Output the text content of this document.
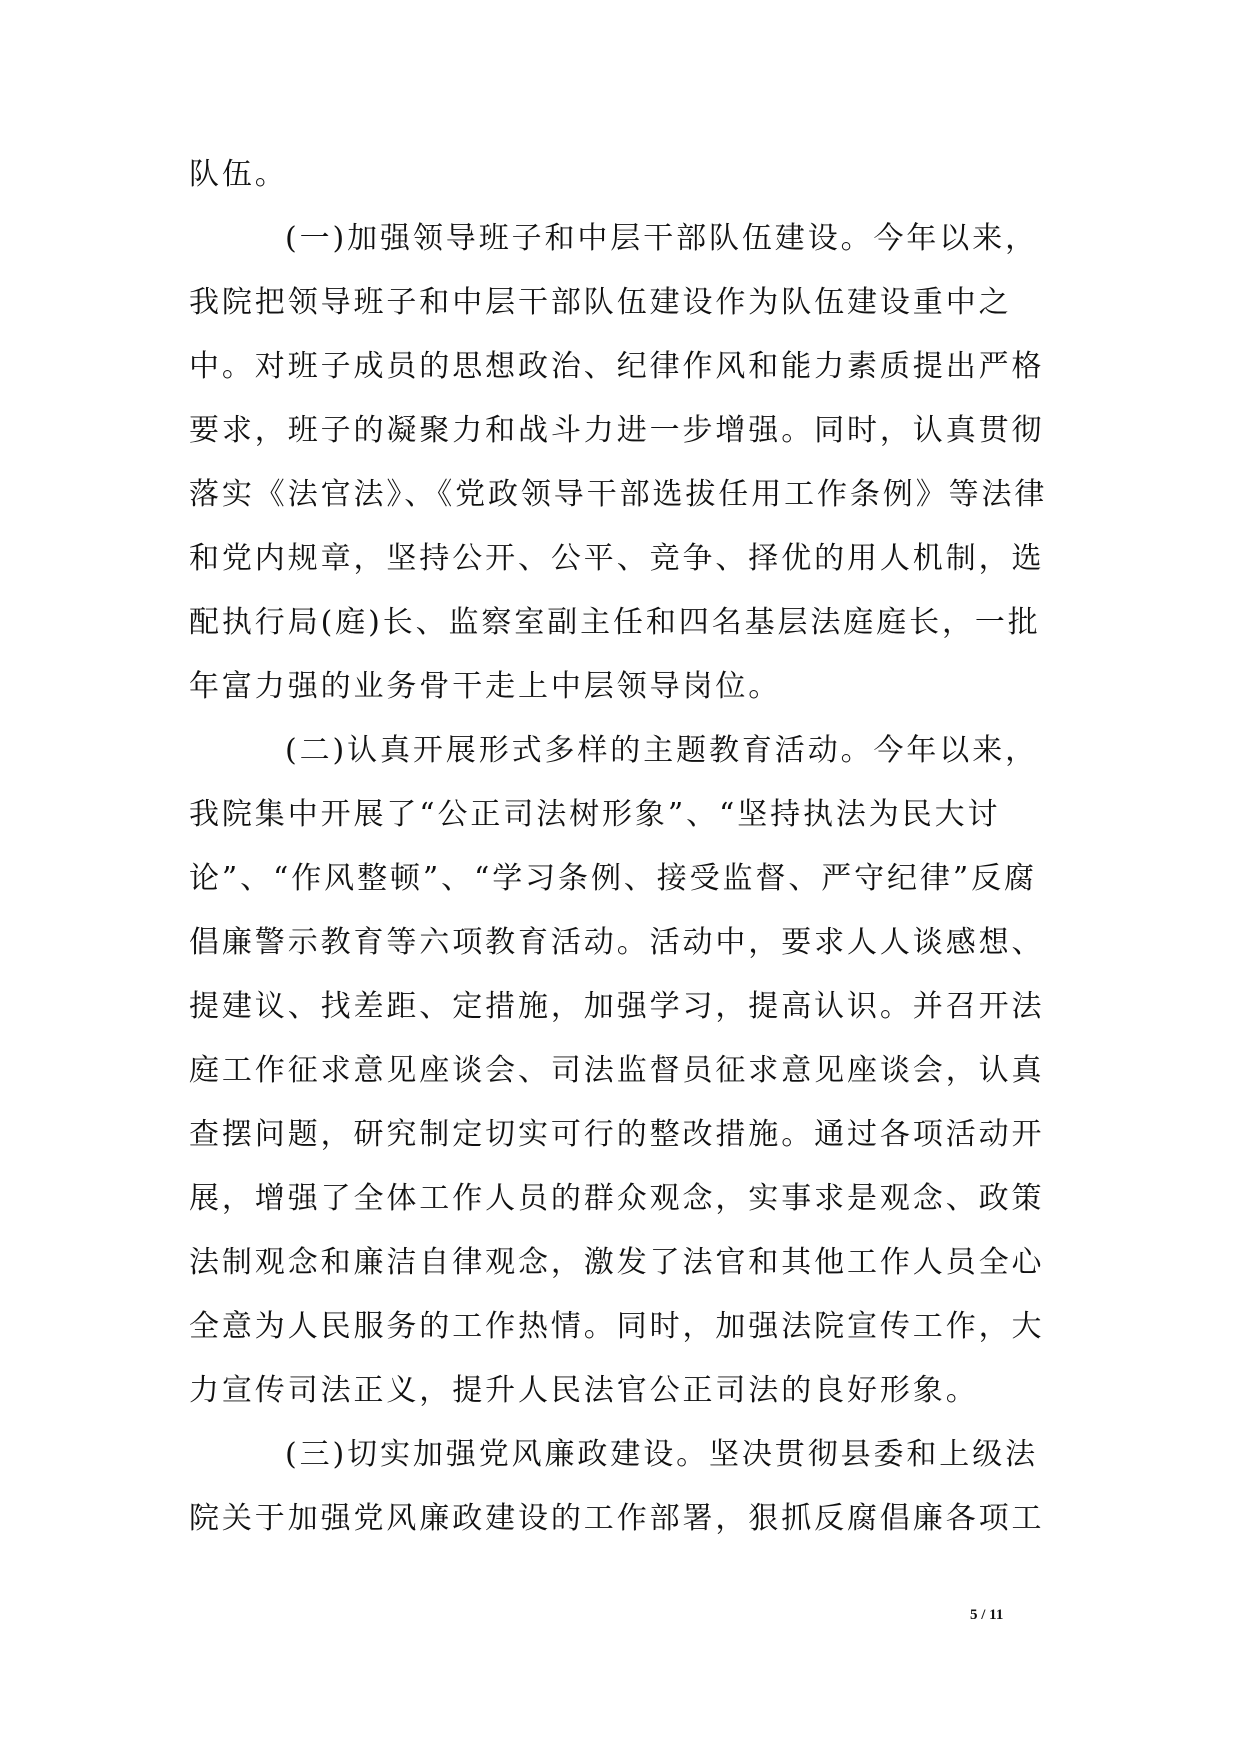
队伍。
(一)加强领导班子和中层干部队伍建设。今年以来，
我院把领导班子和中层干部队伍建设作为队伍建设重中之
中。对班子成员的思想政治、纪律作风和能力素质提出严格
要求，班子的凝聚力和战斗力进一步增强。同时，认真贯彻
落实《法官法》、《党政领导干部选拔任用工作条例》等法律
和党内规章，坚持公开、公平、竞争、择优的用人机制，选
配执行局(庭)长、监察室副主任和四名基层法庭庭长，一批
年富力强的业务骨干走上中层领导岗位。
(二)认真开展形式多样的主题教育活动。今年以来，
我院集中开展了“公正司法树形象”、“坚持执法为民大讨
论”、“作风整顿”、“学习条例、接受监督、严守纪律”反腐
倡廉警示教育等六项教育活动。活动中，要求人人谈感想、
提建议、找差距、定措施，加强学习，提高认识。并召开法
庭工作征求意见座谈会、司法监督员征求意见座谈会，认真
查摆问题，研究制定切实可行的整改措施。通过各项活动开
展，增强了全体工作人员的群众观念，实事求是观念、政策
法制观念和廉洁自律观念，激发了法官和其他工作人员全心
全意为人民服务的工作热情。同时，加强法院宣传工作，大
力宣传司法正义，提升人民法官公正司法的良好形象。
(三)切实加强党风廉政建设。坚决贯彻县委和上级法
院关于加强党风廉政建设的工作部署，狠抓反腐倡廉各项工
5 / 11
